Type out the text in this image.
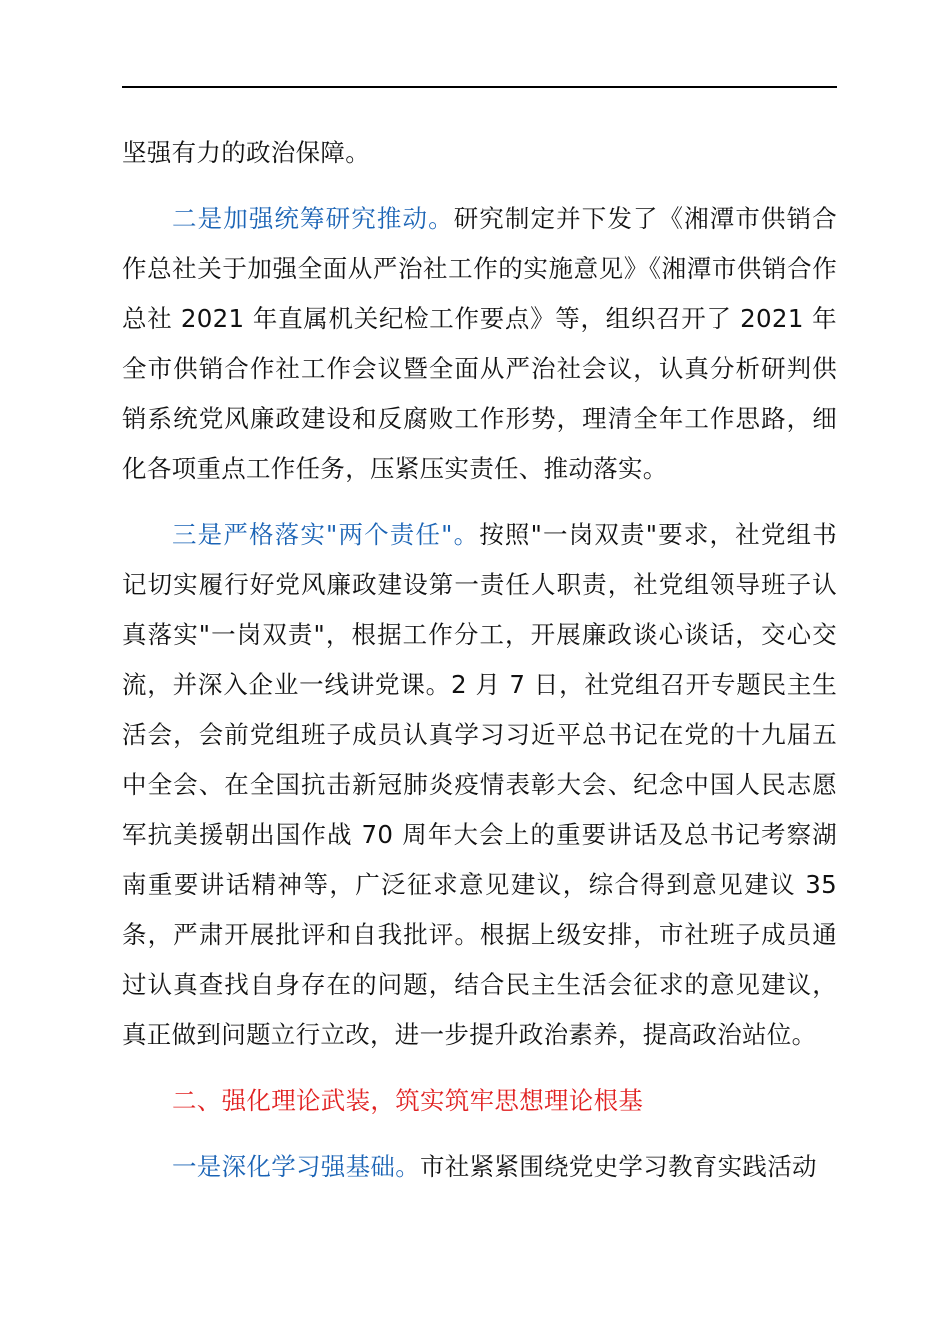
坚强有力的政治保障。

二是加强统筹研究推动。研究制定并下发了《湘潭市供销合作总社关于加强全面从严治社工作的实施意见》《湘潭市供销合作总社 2021 年直属机关纪检工作要点》等，组织召开了 2021 年全市供销合作社工作会议暨全面从严治社会议，认真分析研判供销系统党风廉政建设和反腐败工作形势，理清全年工作思路，细化各项重点工作任务，压紧压实责任、推动落实。

三是严格落实"两个责任"。按照"一岗双责"要求，社党组书记切实履行好党风廉政建设第一责任人职责，社党组领导班子认真落实"一岗双责"，根据工作分工，开展廉政谈心谈话，交心交流，并深入企业一线讲党课。2 月 7 日，社党组召开专题民主生活会，会前党组班子成员认真学习习近平总书记在党的十九届五中全会、在全国抗击新冠肺炎疫情表彰大会、纪念中国人民志愿军抗美援朝出国作战 70 周年大会上的重要讲话及总书记考察湖南重要讲话精神等，广泛征求意见建议，综合得到意见建议 35 条，严肃开展批评和自我批评。根据上级安排，市社班子成员通过认真查找自身存在的问题，结合民主生活会征求的意见建议，真正做到问题立行立改，进一步提升政治素养，提高政治站位。

二、强化理论武装，筑实筑牢思想理论根基

一是深化学习强基础。市社紧紧围绕党史学习教育实践活动
